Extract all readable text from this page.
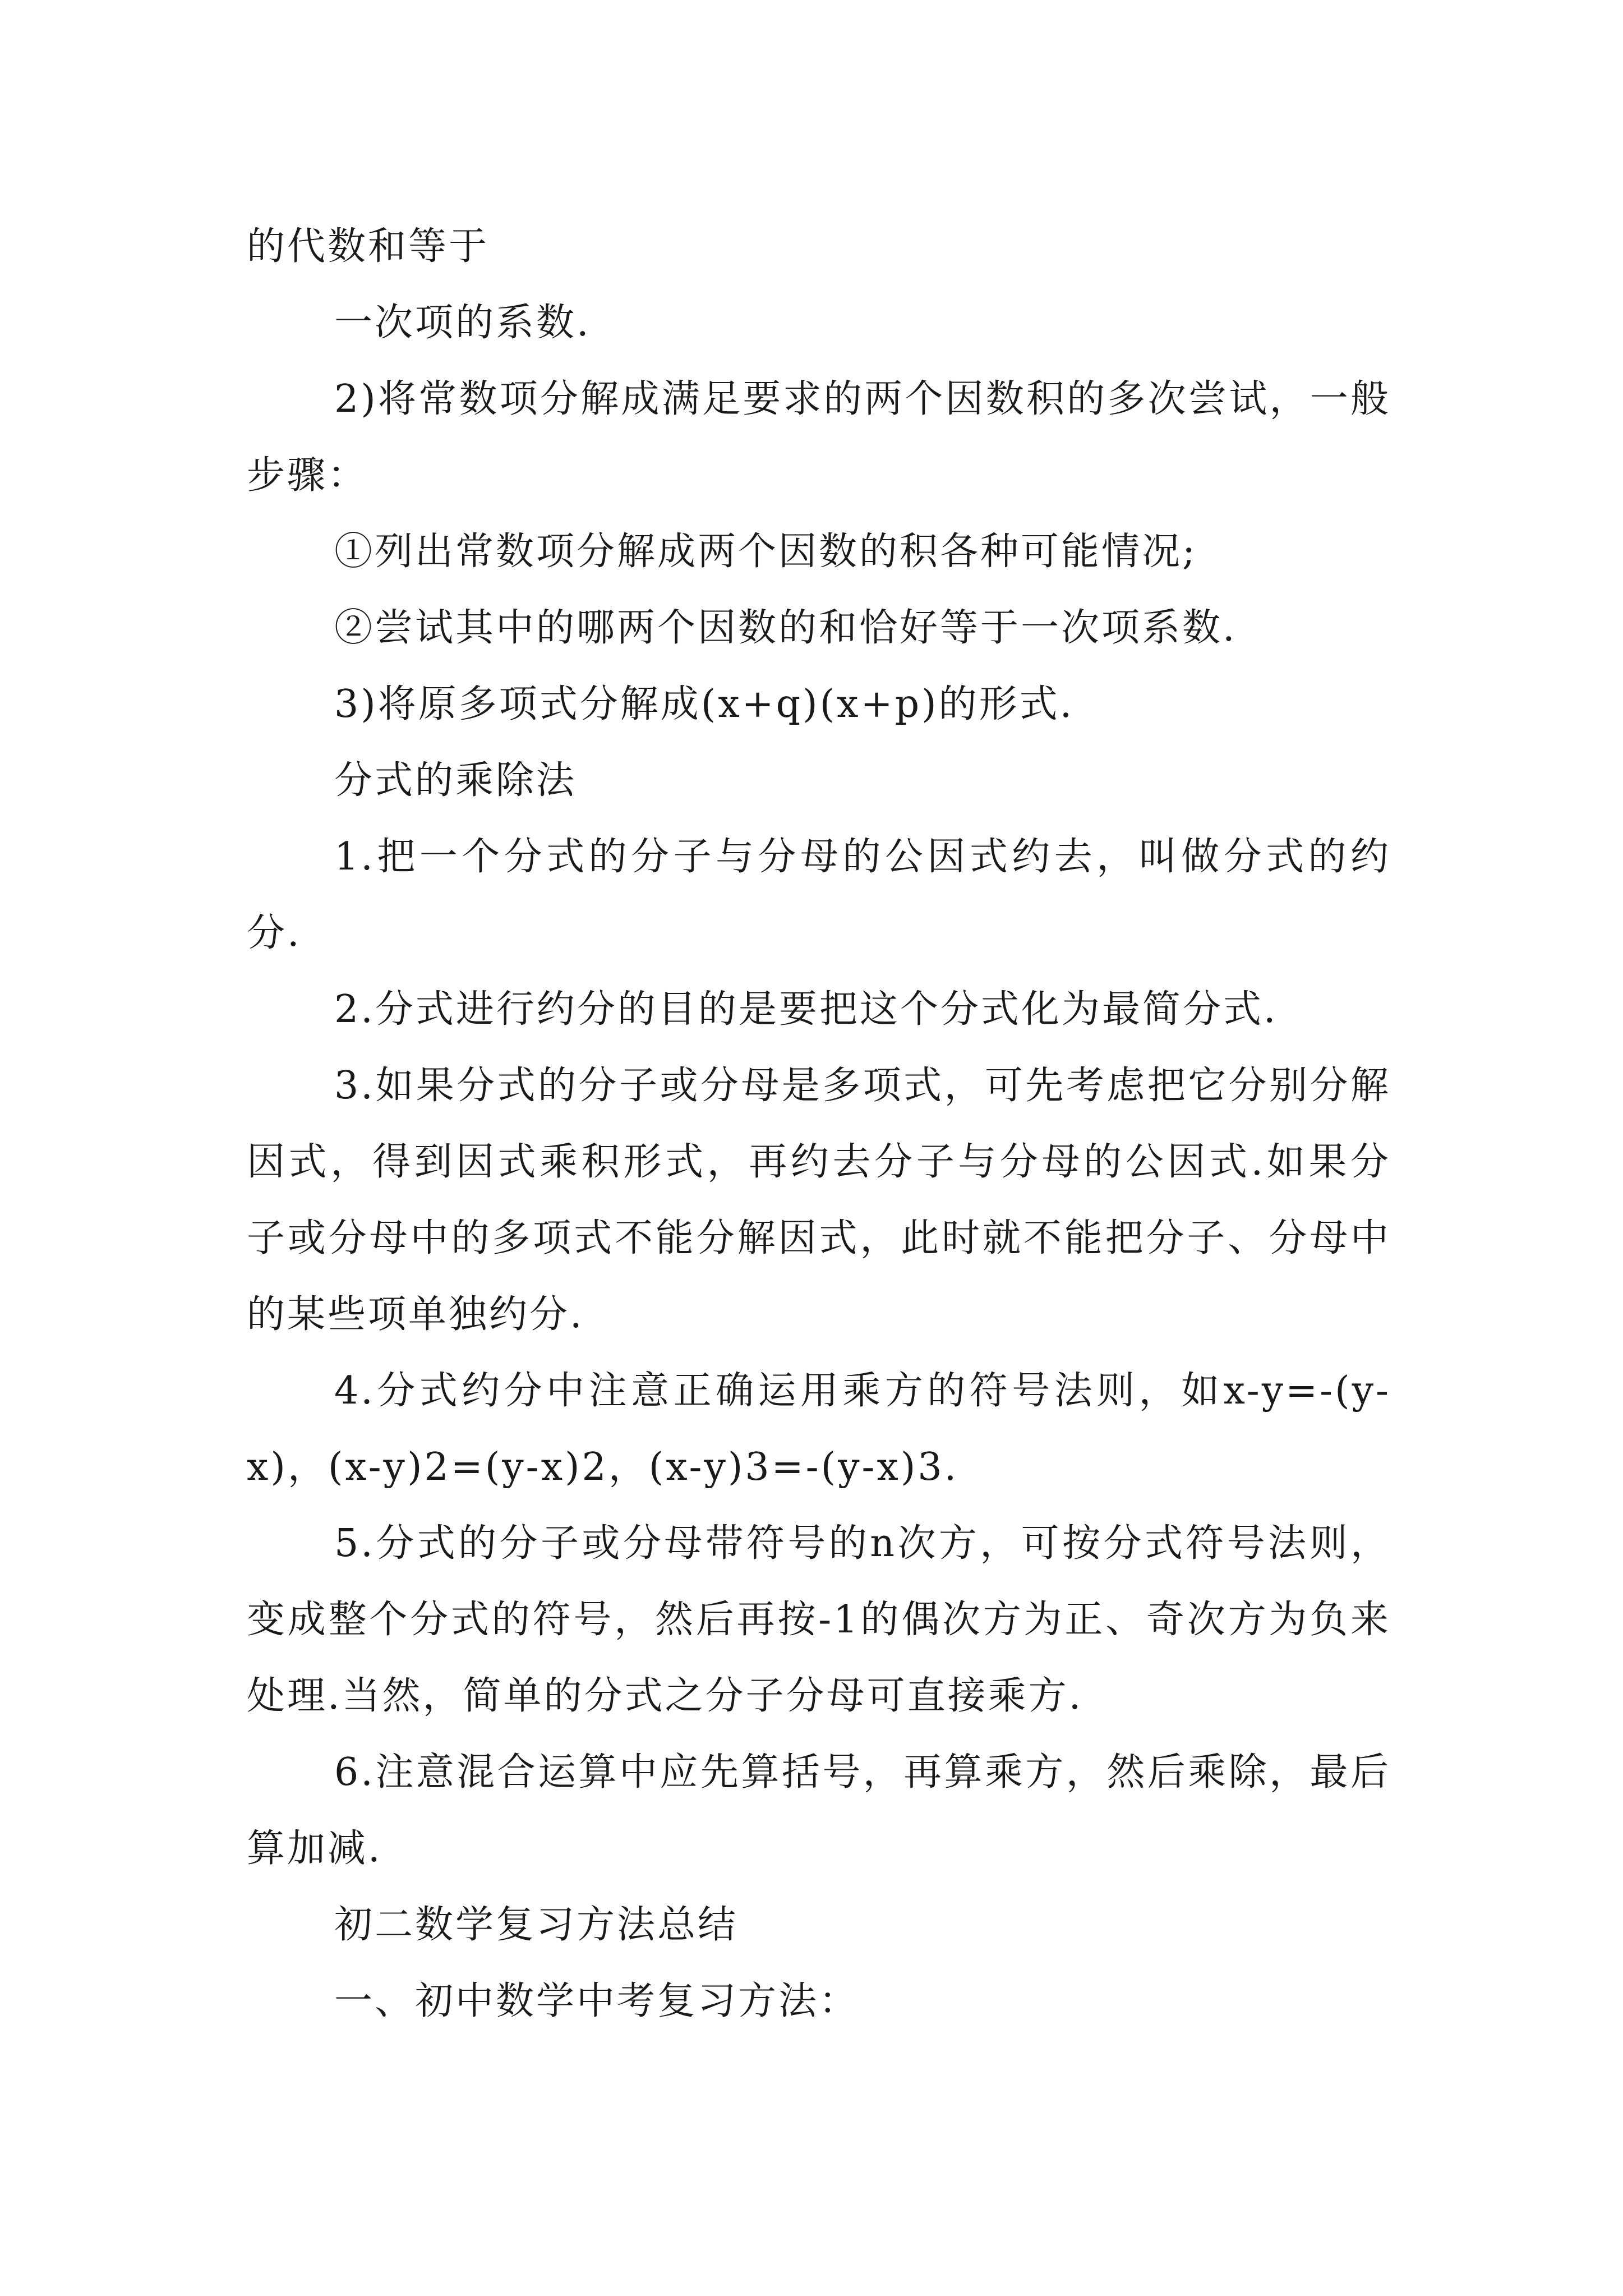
的代数和等于

一次项的系数.

2)将常数项分解成满足要求的两个因数积的多次尝试，一般步骤：

①列出常数项分解成两个因数的积各种可能情况;

②尝试其中的哪两个因数的和恰好等于一次项系数.

3)将原多项式分解成(x+q)(x+p)的形式.

分式的乘除法

1.把一个分式的分子与分母的公因式约去，叫做分式的约分.

2.分式进行约分的目的是要把这个分式化为最简分式.

3.如果分式的分子或分母是多项式，可先考虑把它分别分解因式，得到因式乘积形式，再约去分子与分母的公因式.如果分子或分母中的多项式不能分解因式，此时就不能把分子、分母中的某些项单独约分.

4.分式约分中注意正确运用乘方的符号法则，如x-y=-(y-x)，(x-y)2=(y-x)2，(x-y)3=-(y-x)3.

5.分式的分子或分母带符号的n次方，可按分式符号法则，变成整个分式的符号，然后再按-1的偶次方为正、奇次方为负来处理.当然，简单的分式之分子分母可直接乘方.

6.注意混合运算中应先算括号，再算乘方，然后乘除，最后算加减.

初二数学复习方法总结

一、初中数学中考复习方法：
